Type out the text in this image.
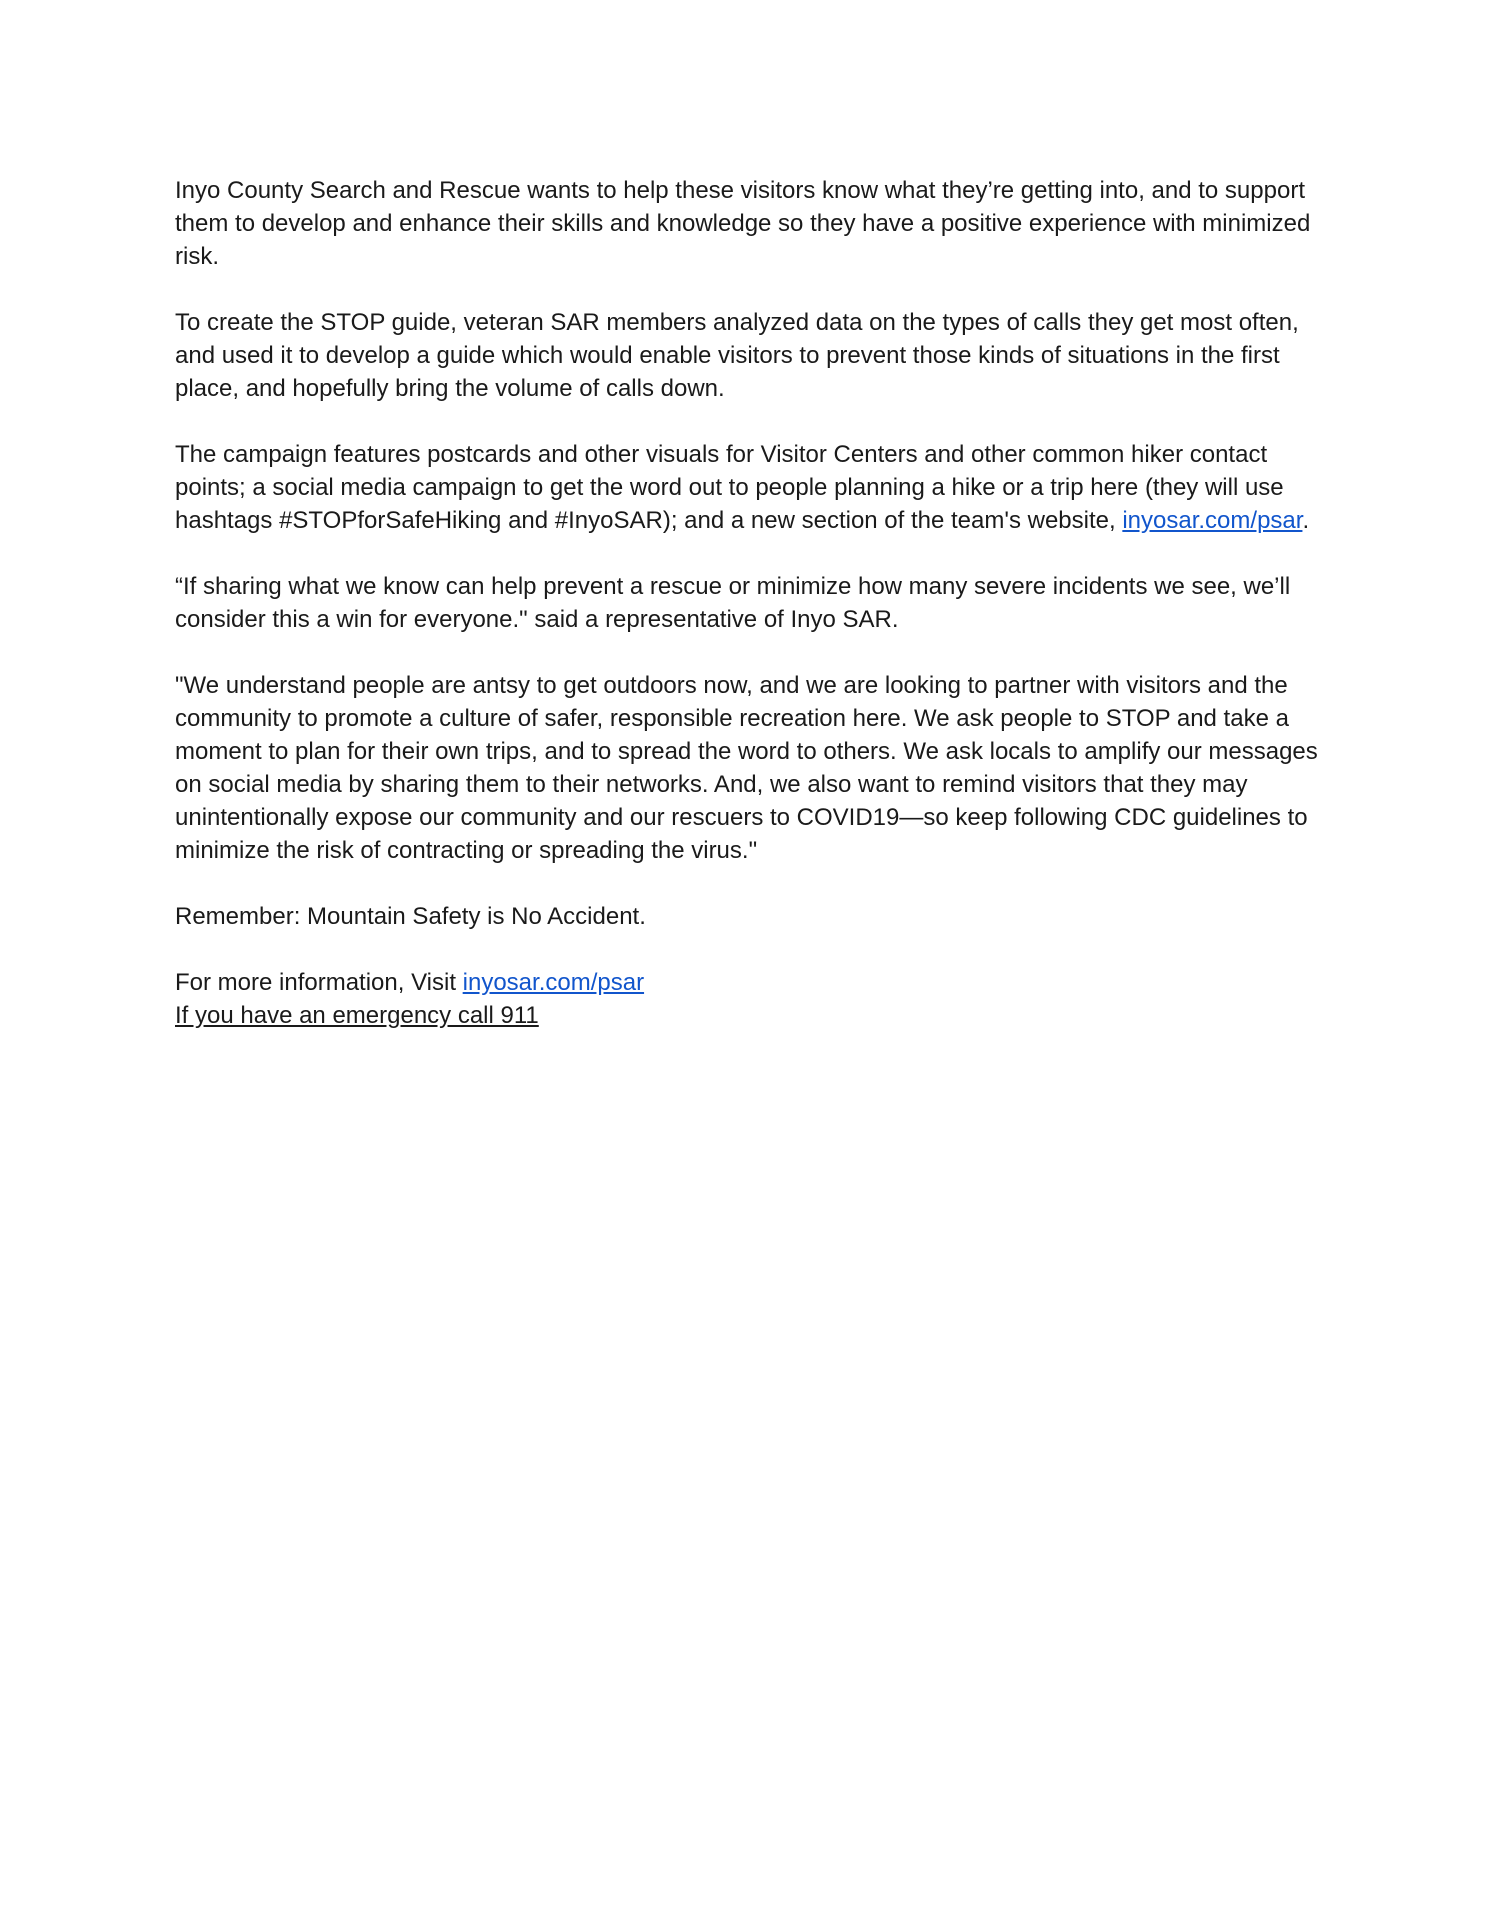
Inyo County Search and Rescue wants to help these visitors know what they’re getting into, and to support them to develop and enhance their skills and knowledge so they have a positive experience with minimized risk.

To create the STOP guide, veteran SAR members analyzed data on the types of calls they get most often, and used it to develop a guide which would enable visitors to prevent those kinds of situations in the first place, and hopefully bring the volume of calls down.

The campaign features postcards and other visuals for Visitor Centers and other common hiker contact points; a social media campaign to get the word out to people planning a hike or a trip here (they will use hashtags #STOPforSafeHiking and #InyoSAR); and a new section of the team's website, inyosar.com/psar.

“If sharing what we know can help prevent a rescue or minimize how many severe incidents we see, we’ll consider this a win for everyone." said a representative of Inyo SAR.

"We understand people are antsy to get outdoors now, and we are looking to partner with visitors and the community to promote a culture of safer, responsible recreation here. We ask people to STOP and take a moment to plan for their own trips, and to spread the word to others. We ask locals to amplify our messages on social media by sharing them to their networks. And, we also want to remind visitors that they may unintentionally expose our community and our rescuers to COVID19—so keep following CDC guidelines to minimize the risk of contracting or spreading the virus."

Remember: Mountain Safety is No Accident.

For more information, Visit inyosar.com/psar

If you have an emergency call 911
